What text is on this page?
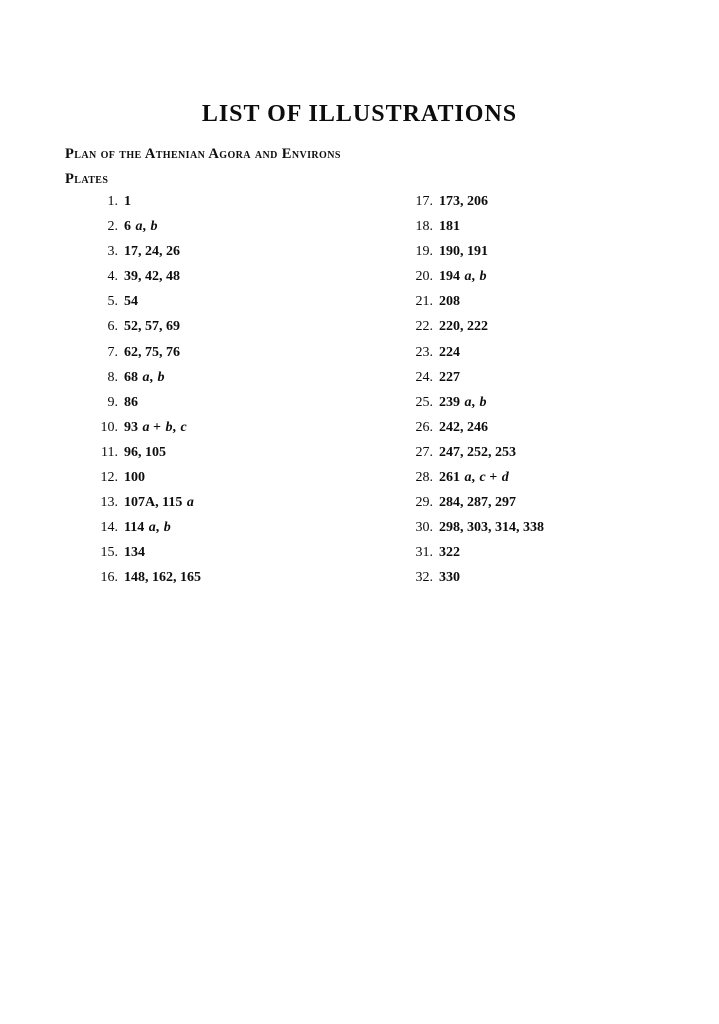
LIST OF ILLUSTRATIONS
Plan of the Athenian Agora and Environs
Plates
1. 1
2. 6 a, b
3. 17, 24, 26
4. 39, 42, 48
5. 54
6. 52, 57, 69
7. 62, 75, 76
8. 68 a, b
9. 86
10. 93 a + b, c
11. 96, 105
12. 100
13. 107A, 115 a
14. 114 a, b
15. 134
16. 148, 162, 165
17. 173, 206
18. 181
19. 190, 191
20. 194 a, b
21. 208
22. 220, 222
23. 224
24. 227
25. 239 a, b
26. 242, 246
27. 247, 252, 253
28. 261 a, c + d
29. 284, 287, 297
30. 298, 303, 314, 338
31. 322
32. 330
